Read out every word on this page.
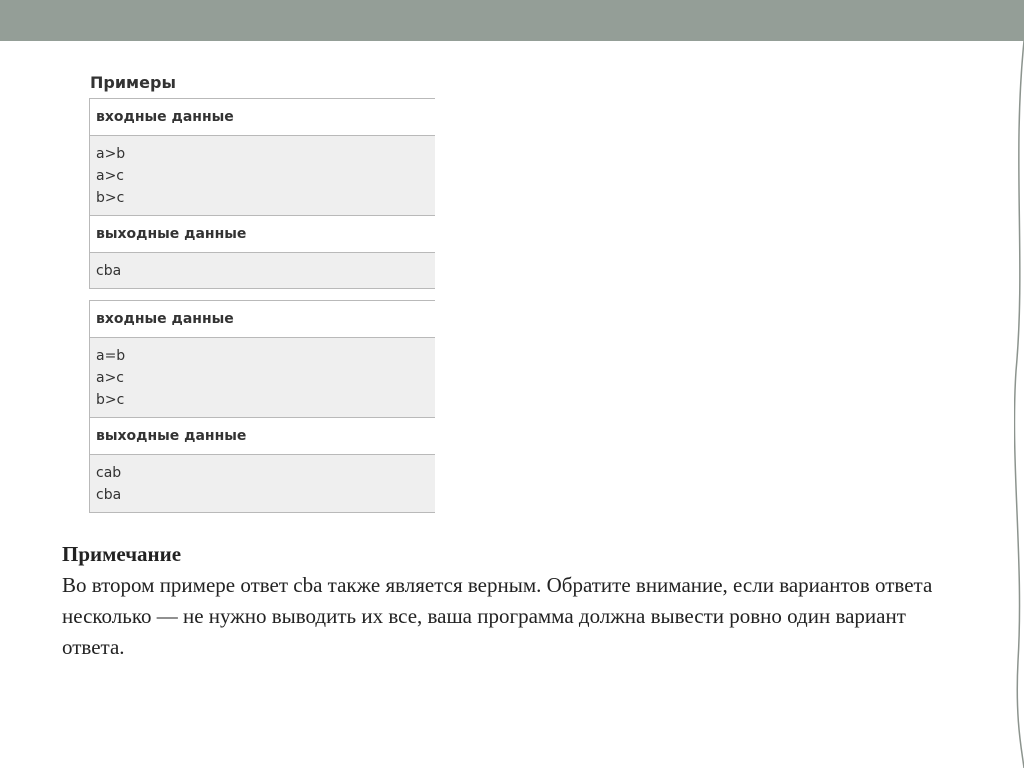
Примеры
входные данные
a>b
a>c
b>c
выходные данные
cba
входные данные
a=b
a>c
b>c
выходные данные
cab
cba
Примечание
Во втором примере ответ cba также является верным. Обратите внимание, если вариантов ответа несколько — не нужно выводить их все, ваша программа должна вывести ровно один вариант ответа.
